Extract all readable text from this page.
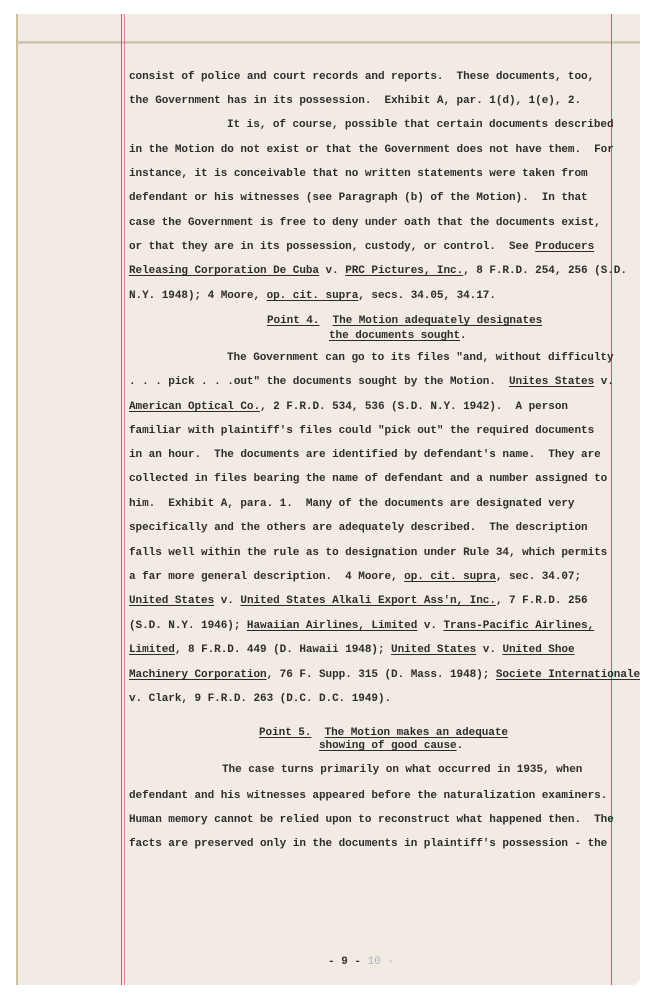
consist of police and court records and reports.  These documents, too,
the Government has in its possession.  Exhibit A, par. 1(d), 1(e), 2.
It is, of course, possible that certain documents described
in the Motion do not exist or that the Government does not have them.  For
instance, it is conceivable that no written statements were taken from
defendant or his witnesses (see Paragraph (b) of the Motion).  In that
case the Government is free to deny under oath that the documents exist,
or that they are in its possession, custody, or control.  See Producers
Releasing Corporation De Cuba v. PRC Pictures, Inc., 8 F.R.D. 254, 256 (S.D.
N.Y. 1948); 4 Moore, op. cit. supra, secs. 34.05, 34.17.
Point 4. The Motion adequately designates
the documents sought.
The Government can go to its files "and, without difficulty
. . . pick . . .out" the documents sought by the Motion.  Unites States v.
American Optical Co., 2 F.R.D. 534, 536 (S.D. N.Y. 1942).  A person
familiar with plaintiff's files could "pick out" the required documents
in an hour.  The documents are identified by defendant's name.  They are
collected in files bearing the name of defendant and a number assigned to
him.  Exhibit A, para. 1.  Many of the documents are designated very
specifically and the others are adequately described.  The description
falls well within the rule as to designation under Rule 34, which permits
a far more general description.  4 Moore, op. cit. supra, sec. 34.07;
United States v. United States Alkali Export Ass'n, Inc., 7 F.R.D. 256
(S.D. N.Y. 1946); Hawaiian Airlines, Limited v. Trans-Pacific Airlines,
Limited, 8 F.R.D. 449 (D. Hawaii 1948); United States v. United Shoe
Machinery Corporation, 76 F. Supp. 315 (D. Mass. 1948); Societe Internationale
v. Clark, 9 F.R.D. 263 (D.C. D.C. 1949).
Point 5. The Motion makes an adequate
showing of good cause.
The case turns primarily on what occurred in 1935, when
defendant and his witnesses appeared before the naturalization examiners.
Human memory cannot be relied upon to reconstruct what happened then.  The
facts are preserved only in the documents in plaintiff's possession - the
- 9 - 10 -
